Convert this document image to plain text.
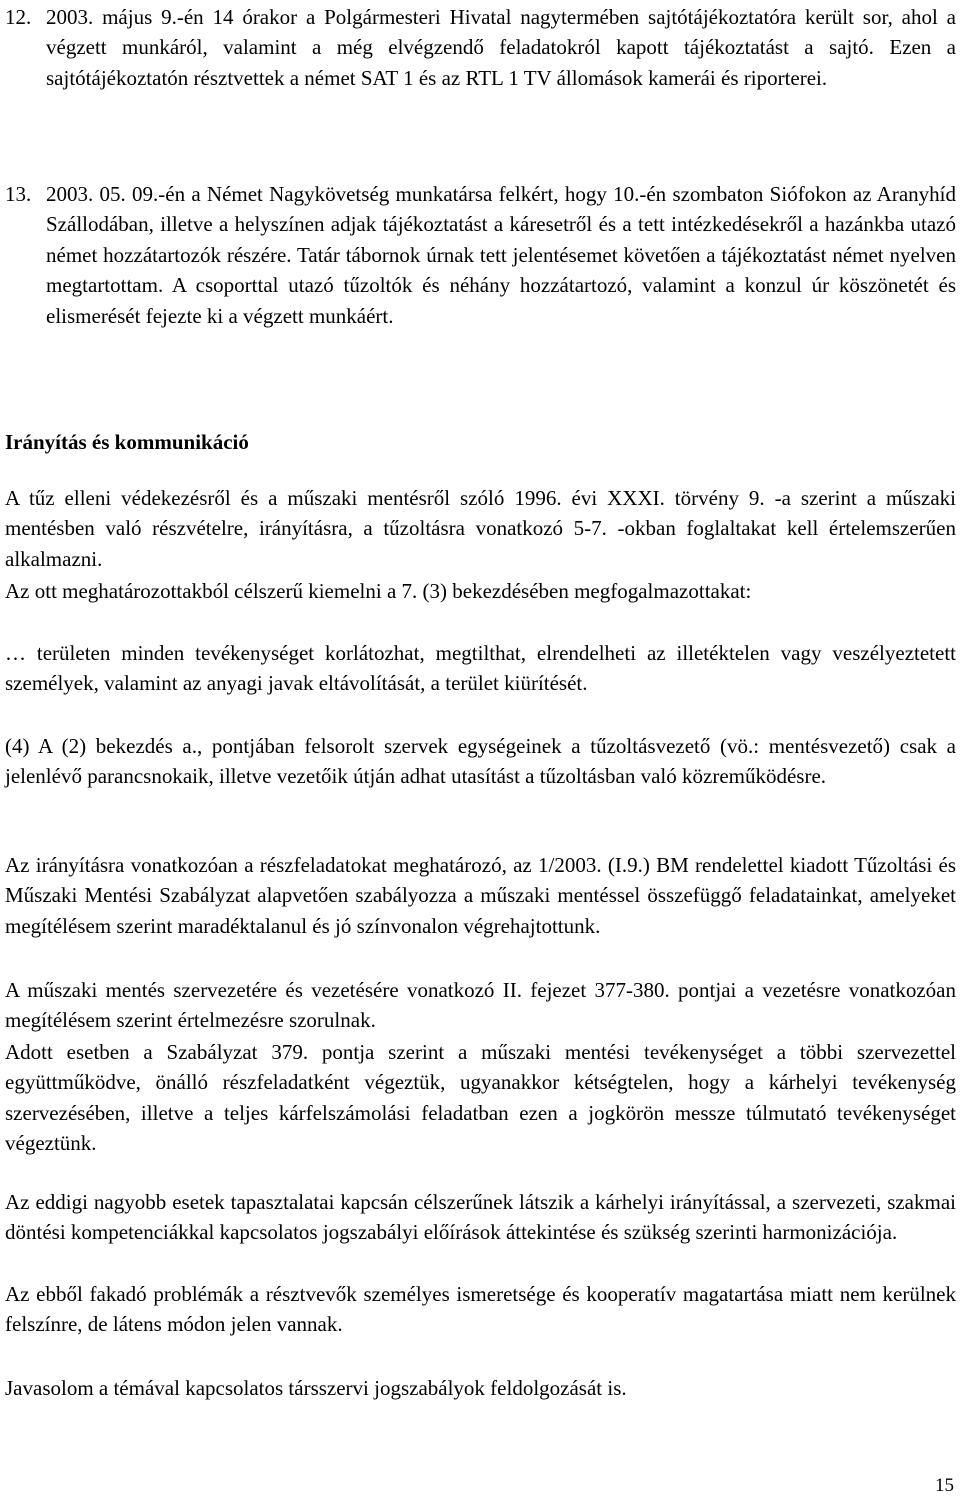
12. 2003. május 9.-én 14 órakor a Polgármesteri Hivatal nagytermében sajtótájékoztatóra került sor, ahol a végzett munkáról, valamint a még elvégzendő feladatokról kapott tájékoztatást a sajtó. Ezen a sajtótájékoztatón résztvettek a német SAT 1 és az RTL 1 TV állomások kamerái és riporterei.

13. 2003. 05. 09.-én a Német Nagykövetség munkatársa felkért, hogy 10.-én szombaton Siófokon az Aranyhíd Szállodában, illetve a helyszínen adjak tájékoztatást a káresetről és a tett intézkedésekről a hazánkba utazó német hozzátartozók részére. Tatár tábornok úrnak tett jelentésemet követően a tájékoztatást német nyelven megtartottam. A csoporttal utazó tűzoltók és néhány hozzátartozó, valamint a konzul úr köszönetét és elismerését fejezte ki a végzett munkáért.

Irányítás és kommunikáció

A tűz elleni védekezésről és a műszaki mentésről szóló 1996. évi XXXI. törvény 9. -a szerint a műszaki mentésben való részvételre, irányításra, a tűzoltásra vonatkozó 5-7. -okban foglaltakat kell értelemszerűen alkalmazni.

Az ott meghatározottakból célszerű kiemelni a 7. (3) bekezdésében megfogalmazottakat:

… területen minden tevékenységet korlátozhat, megtilthat, elrendelheti az illetéktelen vagy veszélyeztetett személyek, valamint az anyagi javak eltávolítását, a terület kiürítését.

(4) A (2) bekezdés a., pontjában felsorolt szervek egységeinek a tűzoltásvezető (vö.: mentésvezető) csak a jelenlévő parancsnokaik, illetve vezetőik útján adhat utasítást a tűzoltásban való közreműködésre.

Az irányításra vonatkozóan a részfeladatokat meghatározó, az 1/2003. (I.9.) BM rendelettel kiadott Tűzoltási és Műszaki Mentési Szabályzat alapvetően szabályozza a műszaki mentéssel összefüggő feladatainkat, amelyeket megítélésem szerint maradéktalanul és jó színvonalon végrehajtottunk.

A műszaki mentés szervezetére és vezetésére vonatkozó II. fejezet 377-380. pontjai a vezetésre vonatkozóan megítélésem szerint értelmezésre szorulnak.

Adott esetben a Szabályzat 379. pontja szerint a műszaki mentési tevékenységet a többi szervezettel együttműködve, önálló részfeladatként végeztük, ugyanakkor kétségtelen, hogy a kárhelyi tevékenység szervezésében, illetve a teljes kárfelszámolási feladatban ezen a jogkörön messze túlmutató tevékenységet végeztünk.

Az eddigi nagyobb esetek tapasztalatai kapcsán célszerűnek látszik a kárhelyi irányítással, a szervezeti, szakmai döntési kompetenciákkal kapcsolatos jogszabályi előírások áttekintése és szükség szerinti harmonizációja.

Az ebből fakadó problémák a résztvevők személyes ismeretsége és kooperatív magatartása miatt nem kerülnek felszínre, de látens módon jelen vannak.

Javasolom a témával kapcsolatos társszervi jogszabályok feldolgozását is.

15
